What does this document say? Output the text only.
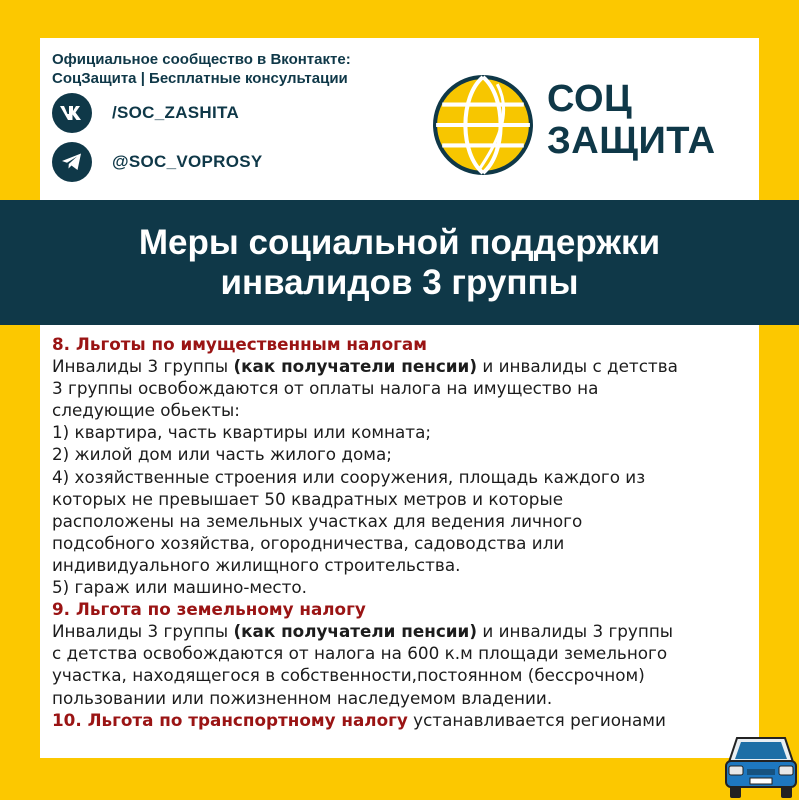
Официальное сообщество в Вконтакте:
СоцЗащита | Бесплатные консультации
/SOC_ZASHITA
@SOC_VOPROSY
СОЦ
ЗАЩИТА
Меры социальной поддержки
инвалидов 3 группы
8. Льготы по имущественным налогам
Инвалиды 3 группы (как получатели пенсии) и инвалиды с детства
3 группы освобождаются от оплаты налога на имущество на
следующие обьекты:
1) квартира, часть квартиры или комната;
2) жилой дом или часть жилого дома;
4) хозяйственные строения или сооружения, площадь каждого из
которых не превышает 50 квадратных метров и которые
расположены на земельных участках для ведения личного
подсобного хозяйства, огородничества, садоводства или
индивидуального жилищного строительства.
5) гараж или машино-место.
9. Льгота по земельному налогу
Инвалиды 3 группы (как получатели пенсии) и инвалиды 3 группы
с детства освобождаются от налога на 600 к.м площади земельного
участка, находящегося в собственности,постоянном (бессрочном)
пользовании или пожизненном наследуемом владении.
10. Льгота по транспортному налогу устанавливается регионами
